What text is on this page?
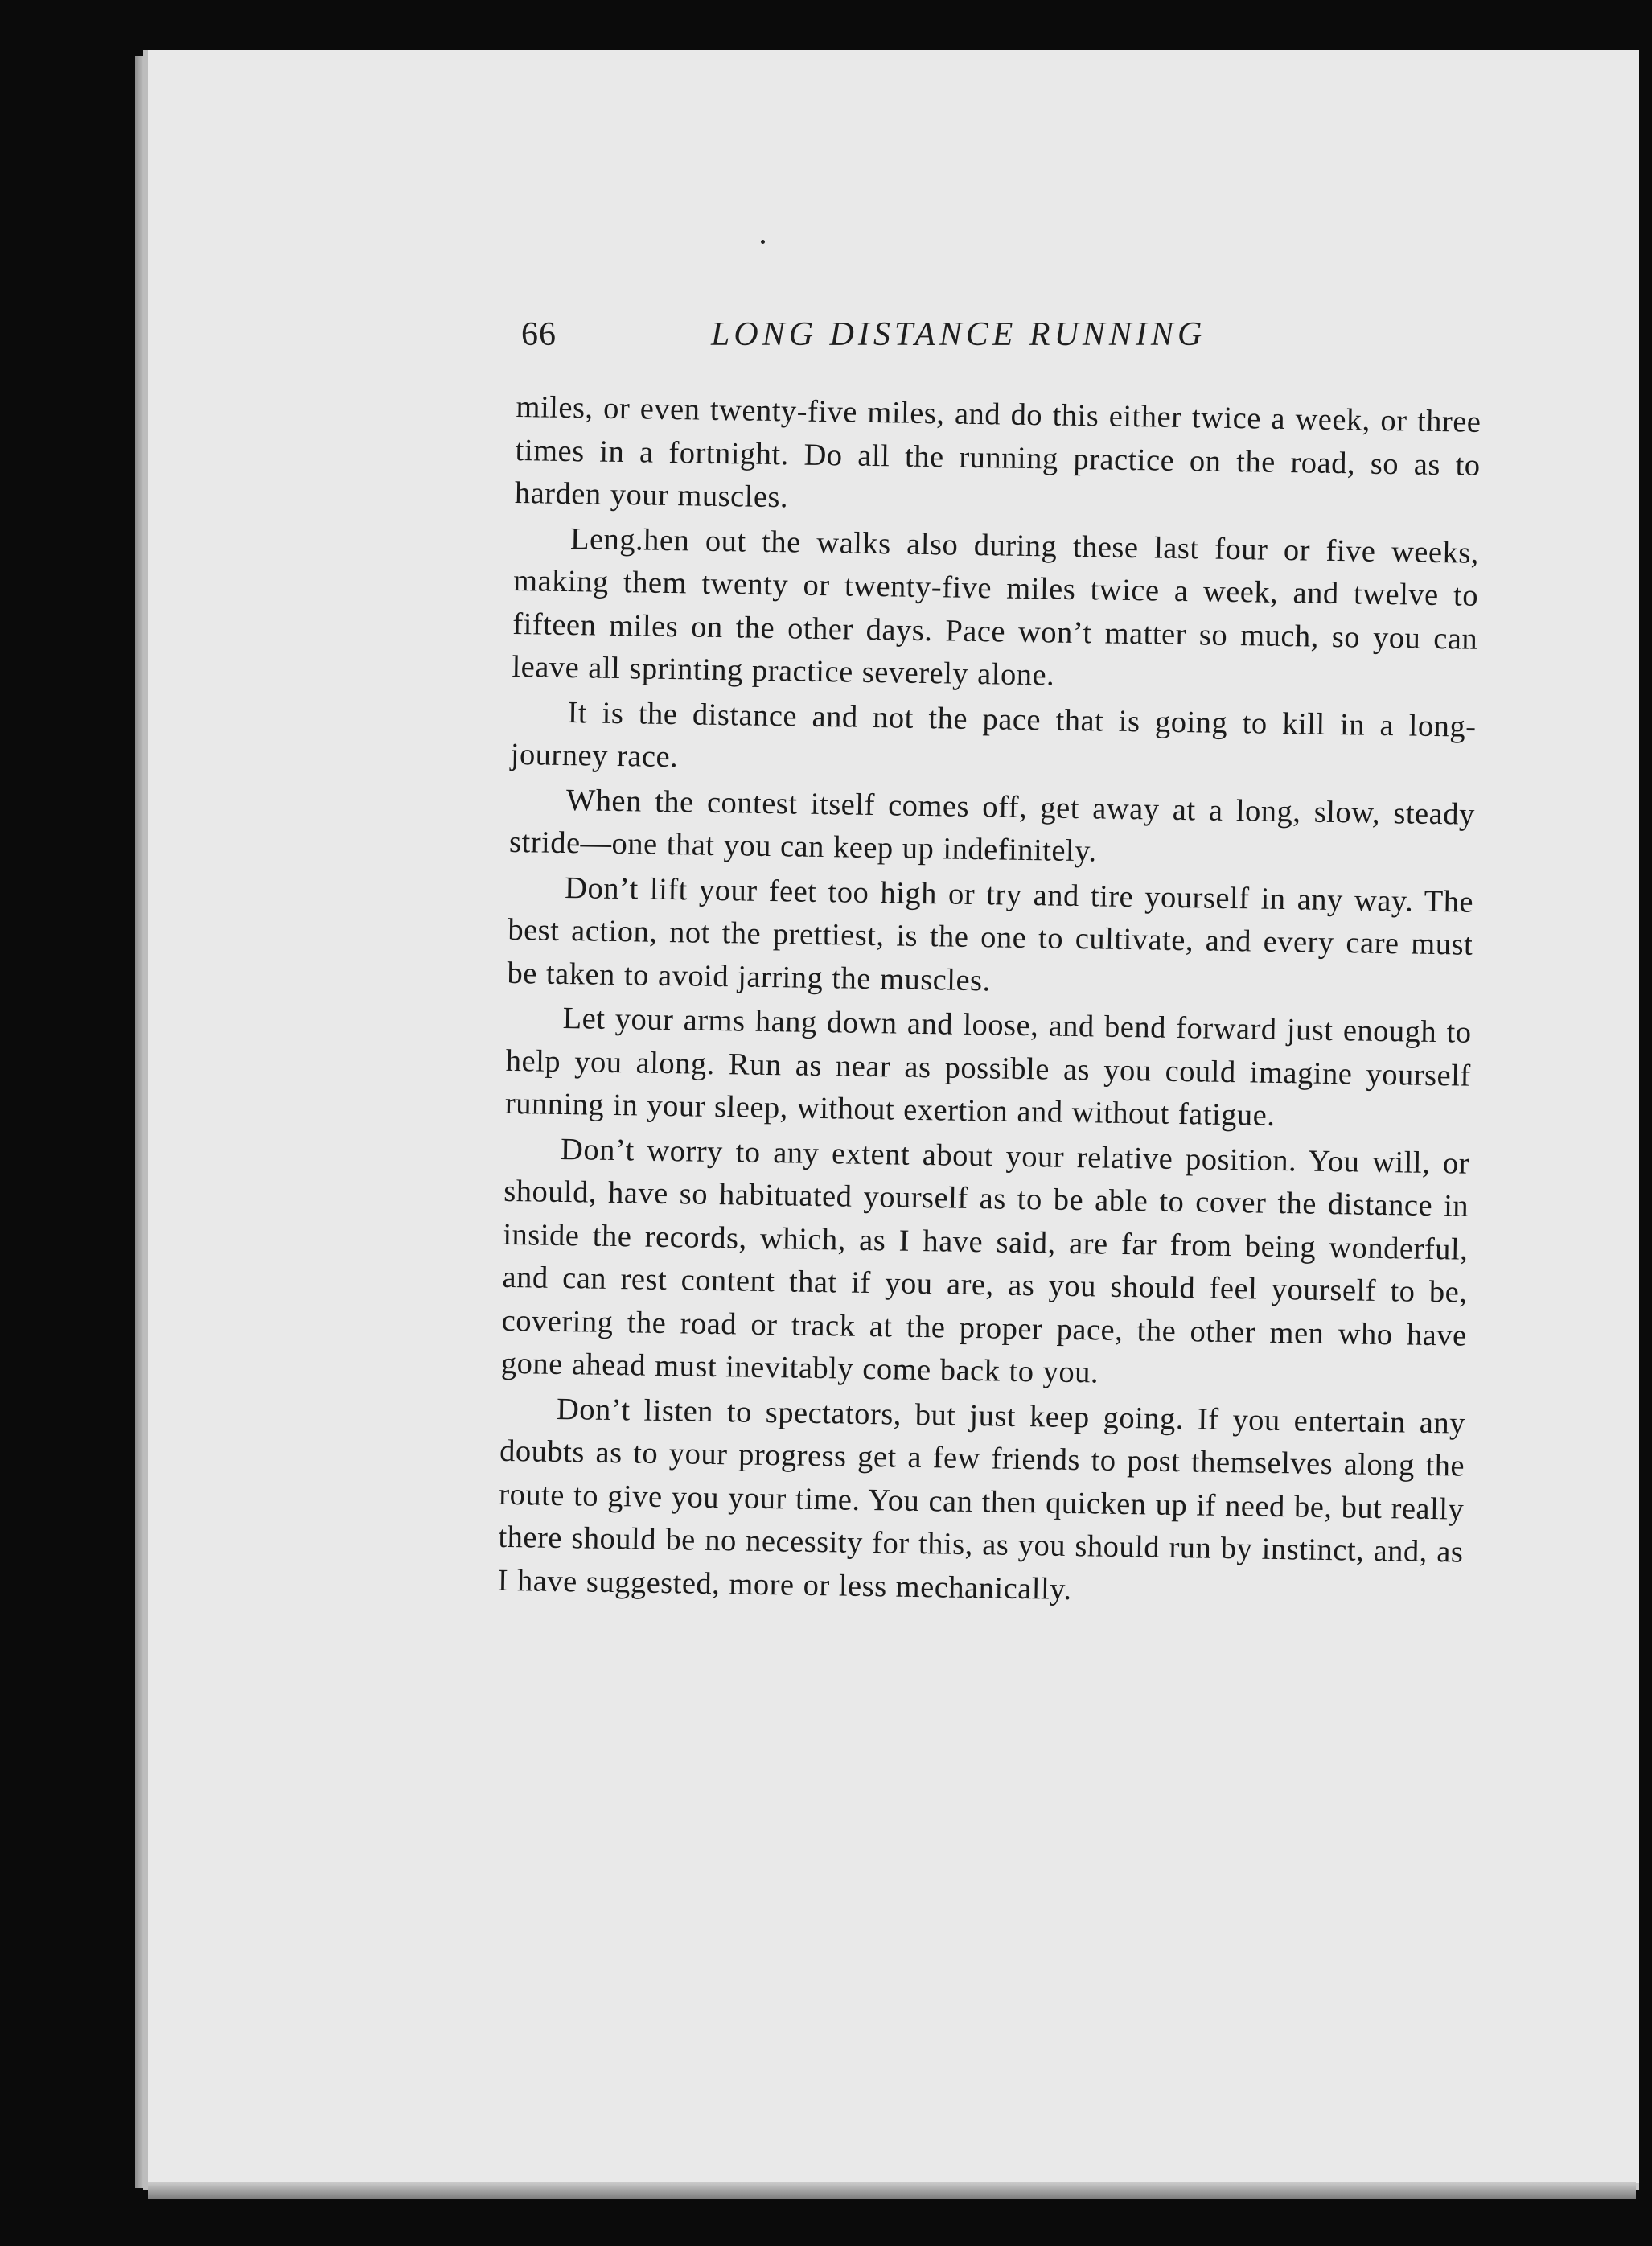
66	LONG DISTANCE RUNNING

miles, or even twenty-five miles, and do this either twice a week, or three times in a fortnight. Do all the running practice on the road, so as to harden your muscles.

Leng.hen out the walks also during these last four or five weeks, making them twenty or twenty-five miles twice a week, and twelve to fifteen miles on the other days. Pace won’t matter so much, so you can leave all sprinting practice severely alone.

It is the distance and not the pace that is going to kill in a long-journey race.

When the contest itself comes off, get away at a long, slow, steady stride—one that you can keep up indefinitely.

Don’t lift your feet too high or try and tire yourself in any way. The best action, not the prettiest, is the one to cultivate, and every care must be taken to avoid jarring the muscles.

Let your arms hang down and loose, and bend forward just enough to help you along. Run as near as possible as you could imagine yourself running in your sleep, without exertion and without fatigue.

Don’t worry to any extent about your relative position. You will, or should, have so habituated yourself as to be able to cover the distance in inside the records, which, as I have said, are far from being wonderful, and can rest content that if you are, as you should feel yourself to be, covering the road or track at the proper pace, the other men who have gone ahead must inevitably come back to you.

Don’t listen to spectators, but just keep going. If you entertain any doubts as to your progress get a few friends to post themselves along the route to give you your time. You can then quicken up if need be, but really there should be no necessity for this, as you should run by instinct, and, as I have suggested, more or less mechanically.
